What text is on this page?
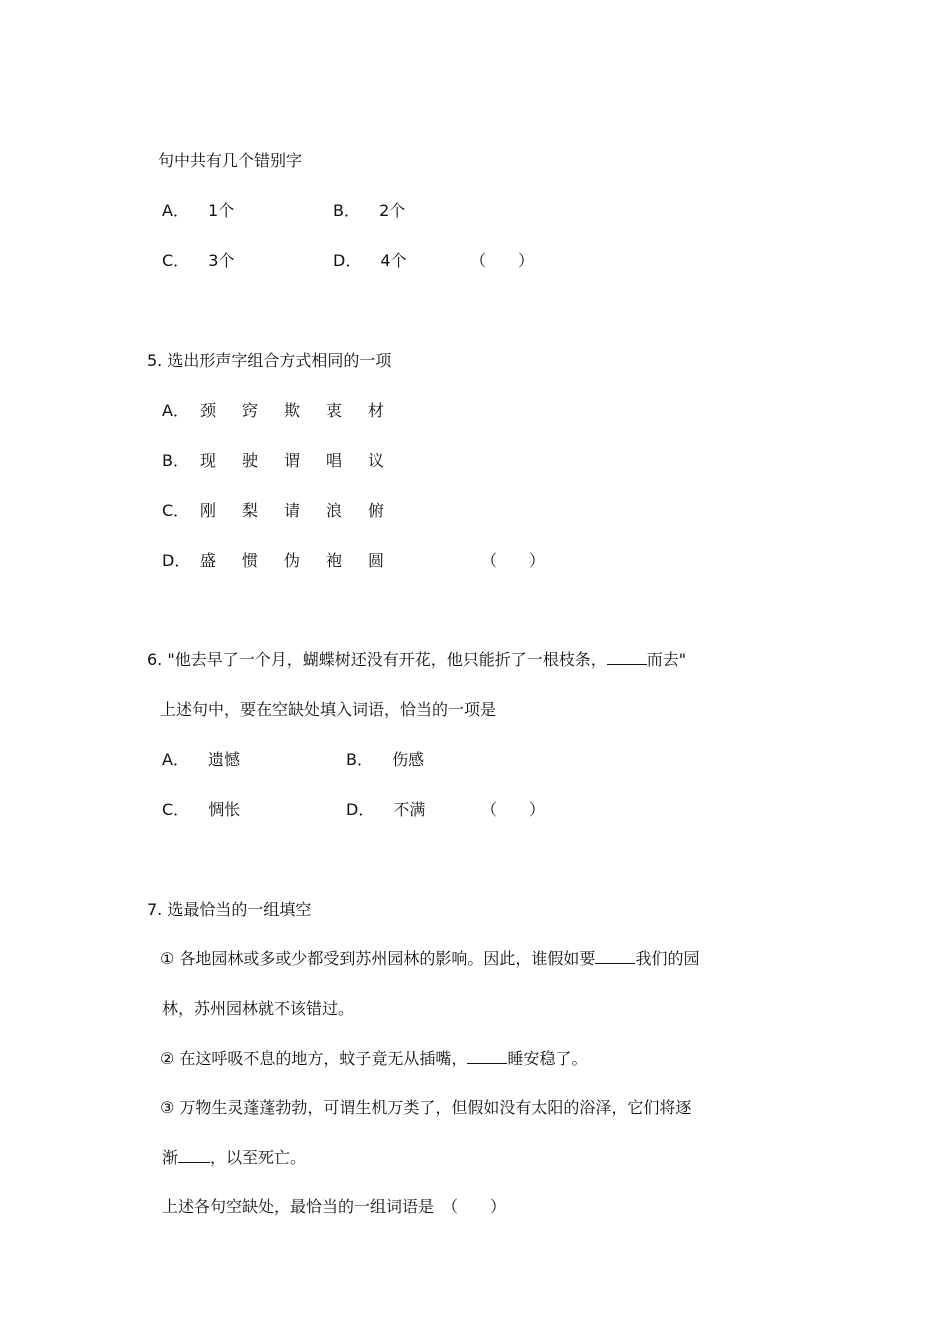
句中共有几个错别字
A． 1个	B． 2个
C． 3个	D． 4个	（　　）
5. 选出形声字组合方式相同的一项
A． 颈 窍 欺 衷 材
B． 现 驶 谓 唱 议
C． 刚 梨 请 浪 俯
D． 盛 惯 伪 袍 圆	（　　）
6. "他去早了一个月，蝴蝶树还没有开花，他只能折了一根枝条，	而去"
上述句中，要在空缺处填入词语，恰当的一项是
A． 遗憾	B． 伤感
C． 惆怅	D． 不满	（　　）
7. 选最恰当的一组填空
① 各地园林或多或少都受到苏州园林的影响。因此，谁假如要	我们的园
林，苏州园林就不该错过。
② 在这呼吸不息的地方，蚊子竟无从插嘴，	睡安稳了。
③ 万物生灵蓬蓬勃勃，可谓生机万类了，但假如没有太阳的浴泽，它们将逐
渐 ，以至死亡。
上述各句空缺处，最恰当的一组词语是 （　　）
